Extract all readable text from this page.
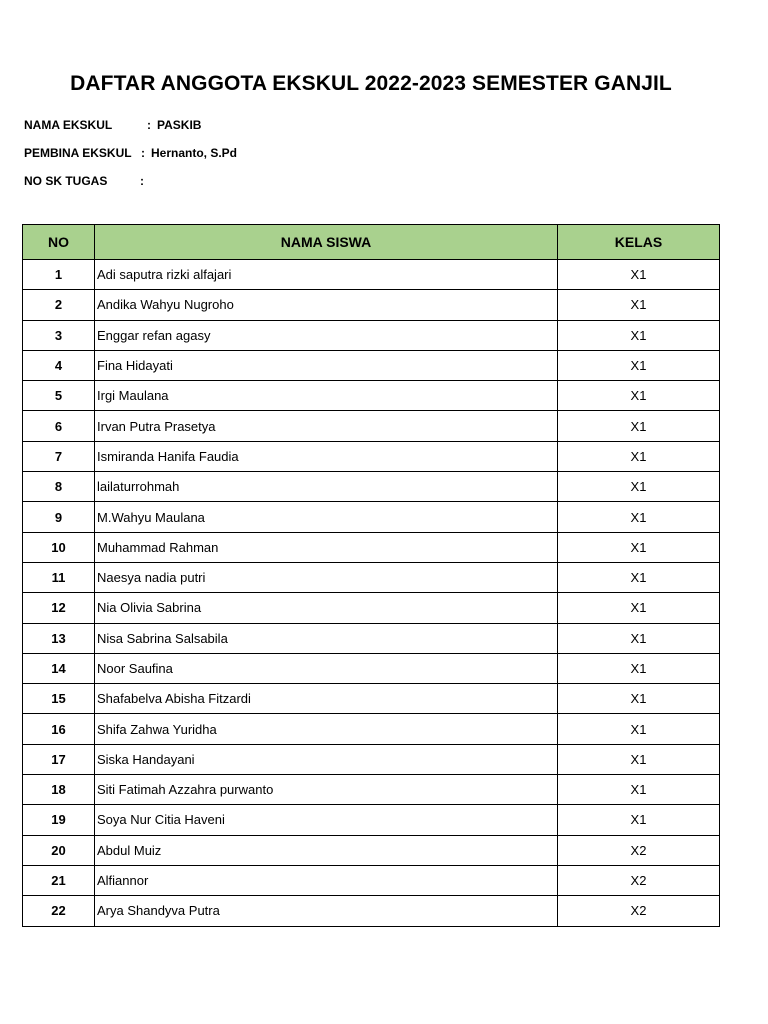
DAFTAR ANGGOTA EKSKUL 2022-2023 SEMESTER GANJIL
NAMA EKSKUL	: PASKIB
PEMBINA EKSKUL : Hernanto, S.Pd
NO SK TUGAS	:
NO	NAMA SISWA	KELAS
1	Adi saputra rizki alfajari	X1
2	Andika Wahyu Nugroho	X1
3	Enggar refan agasy	X1
4	Fina Hidayati	X1
5	Irgi Maulana	X1
6	Irvan Putra Prasetya	X1
7	Ismiranda Hanifa Faudia	X1
8	lailaturrohmah	X1
9	M.Wahyu Maulana	X1
10	Muhammad Rahman	X1
11	Naesya nadia putri	X1
12	Nia Olivia Sabrina	X1
13	Nisa Sabrina Salsabila	X1
14	Noor Saufina	X1
15	Shafabelva Abisha Fitzardi	X1
16	Shifa Zahwa Yuridha	X1
17	Siska Handayani	X1
18	Siti Fatimah Azzahra purwanto	X1
19	Soya Nur Citia Haveni	X1
20	Abdul Muiz	X2
21	Alfiannor	X2
22	Arya Shandyva Putra	X2
